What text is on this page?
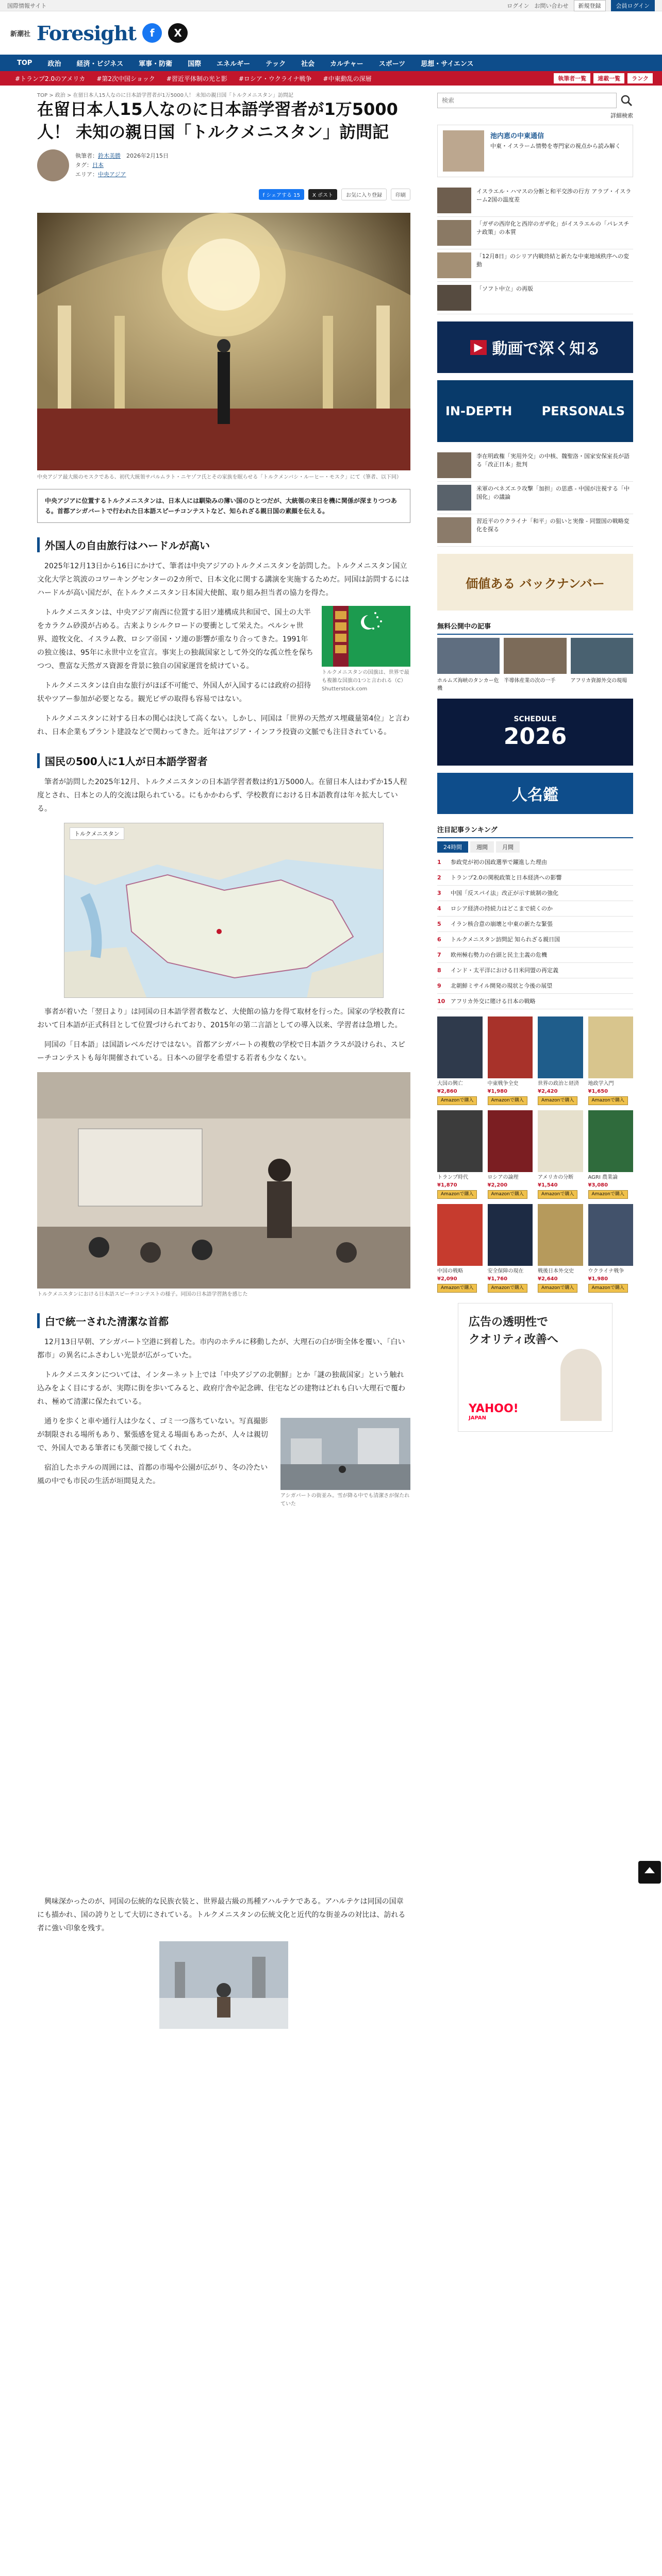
国際情報サイト	ログイン お問い合わせ	新規登録	会員ログイン
新潮社 Foresight	f	X
TOP	政治	経済・ビジネス	軍事・防衛	国際	エネルギー	テック	社会	カルチャー	スポーツ	思想・サイエンス
#トランプ2.0のアメリカ	#第2次中国ショック	#習近平体制の光と影	#ロシア・ウクライナ戦争	#中東動乱の深層	執筆者一覧	連載一覧	ランク
TOP > 政治 > 在留日本人15人なのに日本語学習者が1万5000人！ 未知の親日国「トルクメニスタン」訪問記
在留日本人15人なのに日本語学習者が1万5000人！ 未知の親日国「トルクメニスタン」訪問記
執筆者：鈴木美勝　 2026年2月15日
タグ：日本
エリア：中央アジア
f シェアする 15	X ポスト	お気に入り登録	印刷
中央アジア最大級のモスクである、初代大統領サパルムラト・ニヤゾフ氏とその家族を眠らせる「トルクメンバシ・ルーヒー・モスク」にて（筆者、以下同）
中央アジアに位置するトルクメニスタンは、日本人には馴染みの薄い国のひとつだが、大統領の来日を機に関係が深まりつつある。首都アシガバートで行われた日本語スピーチコンテストなど、知られざる親日国の素顔を伝える。
外国人の自由旅行はハードルが高い

2025年12月13日から16日にかけて、筆者は中央アジアのトルクメニスタンを訪問した。トルクメニスタン国立文化大学と筑波のコワーキングセンターの2カ所で、日本文化に関する講演を実施するためだ。同国は訪問するにはハードルが高い国だが、在トルクメニスタン日本国大使館、取り組み担当者の協力を得た。

トルクメニスタンの国旗は、世界で最も複雑な国旗の1つと言われる（C）Shutterstock.com

トルクメニスタンは、中央アジア南西に位置する旧ソ連構成共和国で、国土の大半をカラクム砂漠が占める。古来よりシルクロードの要衝として栄えた。ペルシャ世界、遊牧文化、イスラム教、ロシア帝国・ソ連の影響が重なり合ってきた。1991年の独立後は、95年に永世中立を宣言。事実上の独裁国家として外交的な孤立性を保ちつつ、豊富な天然ガス資源を背景に独自の国家運営を続けている。

トルクメニスタンは自由な旅行がほぼ不可能で、外国人が入国するには政府の招待状やツアー参加が必要となる。観光ビザの取得も容易ではない。

トルクメニスタンに対する日本の関心は決して高くない。しかし、同国は「世界の天然ガス埋蔵量第4位」と言われ、日本企業もプラント建設などで関わってきた。近年はアジア・インフラ投資の文脈でも注目されている。

国民の500人に1人が日本語学習者

筆者が訪問した2025年12月、トルクメニスタンの日本語学習者数は約1万5000人。在留日本人はわずか15人程度とされ、日本との人的交流は限られている。にもかかわらず、学校教育における日本語教育は年々拡大している。

トルクメニスタン

事者が着いた「翌日より」は同国の日本語学習者数など、大使館の協力を得て取材を行った。国家の学校教育において日本語が正式科目として位置づけられており、2015年の第二言語としての導入以来、学習者は急増した。

同国の「日本語」は国語レベルだけではない。首都アシガバートの複数の学校で日本語クラスが設けられ、スピーチコンテストも毎年開催されている。日本への留学を希望する若者も少なくない。

トルクメニスタンにおける日本語スピーチコンテストの様子。同国の日本語学習熱を感じた
白で統一された清潔な首都

12月13日早朝、アシガバート空港に到着した。市内のホテルに移動したが、大理石の白が街全体を覆い、「白い都市」の異名にふさわしい光景が広がっていた。

トルクメニスタンについては、インターネット上では「中央アジアの北朝鮮」とか「謎の独裁国家」という触れ込みをよく目にするが、実際に街を歩いてみると、政府庁舎や記念碑、住宅などの建物はどれも白い大理石で覆われ、極めて清潔に保たれている。

アシガバートの街並み。雪が降る中でも清潔さが保たれていた

通りを歩くと車や通行人は少なく、ゴミ一つ落ちていない。写真撮影が制限される場所もあり、緊張感を覚える場面もあったが、人々は親切で、外国人である筆者にも笑顔で接してくれた。

宿泊したホテルの周囲には、首都の市場や公園が広がり、冬の冷たい風の中でも市民の生活が垣間見えた。

興味深かったのが、同国の伝統的な民族衣装と、世界最古級の馬種アハルテケである。アハルテケは同国の国章にも描かれ、国の誇りとして大切にされている。トルクメニスタンの伝統文化と近代的な街並みの対比は、訪れる者に強い印象を残す。

検索
詳細検索
池内恵の中東通信
中東・イスラーム情勢を専門家の視点から読み解く
イスラエル・ハマスの分断と和平交渉の行方 アラブ・イスラーム2国の温度差
「ガザの西岸化と西岸のガザ化」がイスラエルの「パレスチナ政策」の本質
「12月8日」のシリア内戦終結と新たな中東地域秩序への変動
「ソフト中立」の再版
▶ 動画で深く知る
IN-DEPTH PERSONALS
李在明政権「実用外交」の中核、魏聖洛・国家安保室長が語る「改正日本」批判
米軍のベネズエラ攻撃「加担」の思惑 - 中国が注視する「中国化」の議論
習近平のウクライナ「和平」の狙いと実像 - 同盟国の戦略変化を探る
価値ある バックナンバー
無料公開中の記事
ホルムズ海峡のタンカー危機
半導体産業の次の一手	アフリカ資源外交の現場
SCHEDULE
2026
人名鑑
注目記事ランキング
24時間	週間	月間
1	参政党が初の国政選挙で躍進した理由
2	トランプ2.0の関税政策と日本経済への影響
3	中国「反スパイ法」改正が示す統制の強化
4	ロシア経済の持続力はどこまで続くのか
5	イラン核合意の崩壊と中東の新たな緊張
6	トルクメニスタン訪問記 知られざる親日国
7	欧州極右勢力の台頭と民主主義の危機
8	インド・太平洋における日米同盟の再定義
9	北朝鮮ミサイル開発の現状と今後の展望
10 アフリカ外交に賭ける日本の戦略
大国の興亡
¥2,860
Amazonで購入
中東戦争全史
¥1,980
Amazonで購入
世界の政治と経済
¥2,420
Amazonで購入
地政学入門
¥1,650
Amazonで購入
トランプ時代
¥1,870
Amazonで購入
ロシアの論理
¥2,200
Amazonで購入
アメリカの分断
¥1,540
Amazonで購入
AGRI 農業論
¥3,080
Amazonで購入
中国の戦略
¥2,090
Amazonで購入
安全保障の現在
¥1,760
Amazonで購入
戦後日本外交史
¥2,640
Amazonで購入
ウクライナ戦争
¥1,980
Amazonで購入
広告の透明性で
クオリティ改善へ
YAHOO!
JAPAN
